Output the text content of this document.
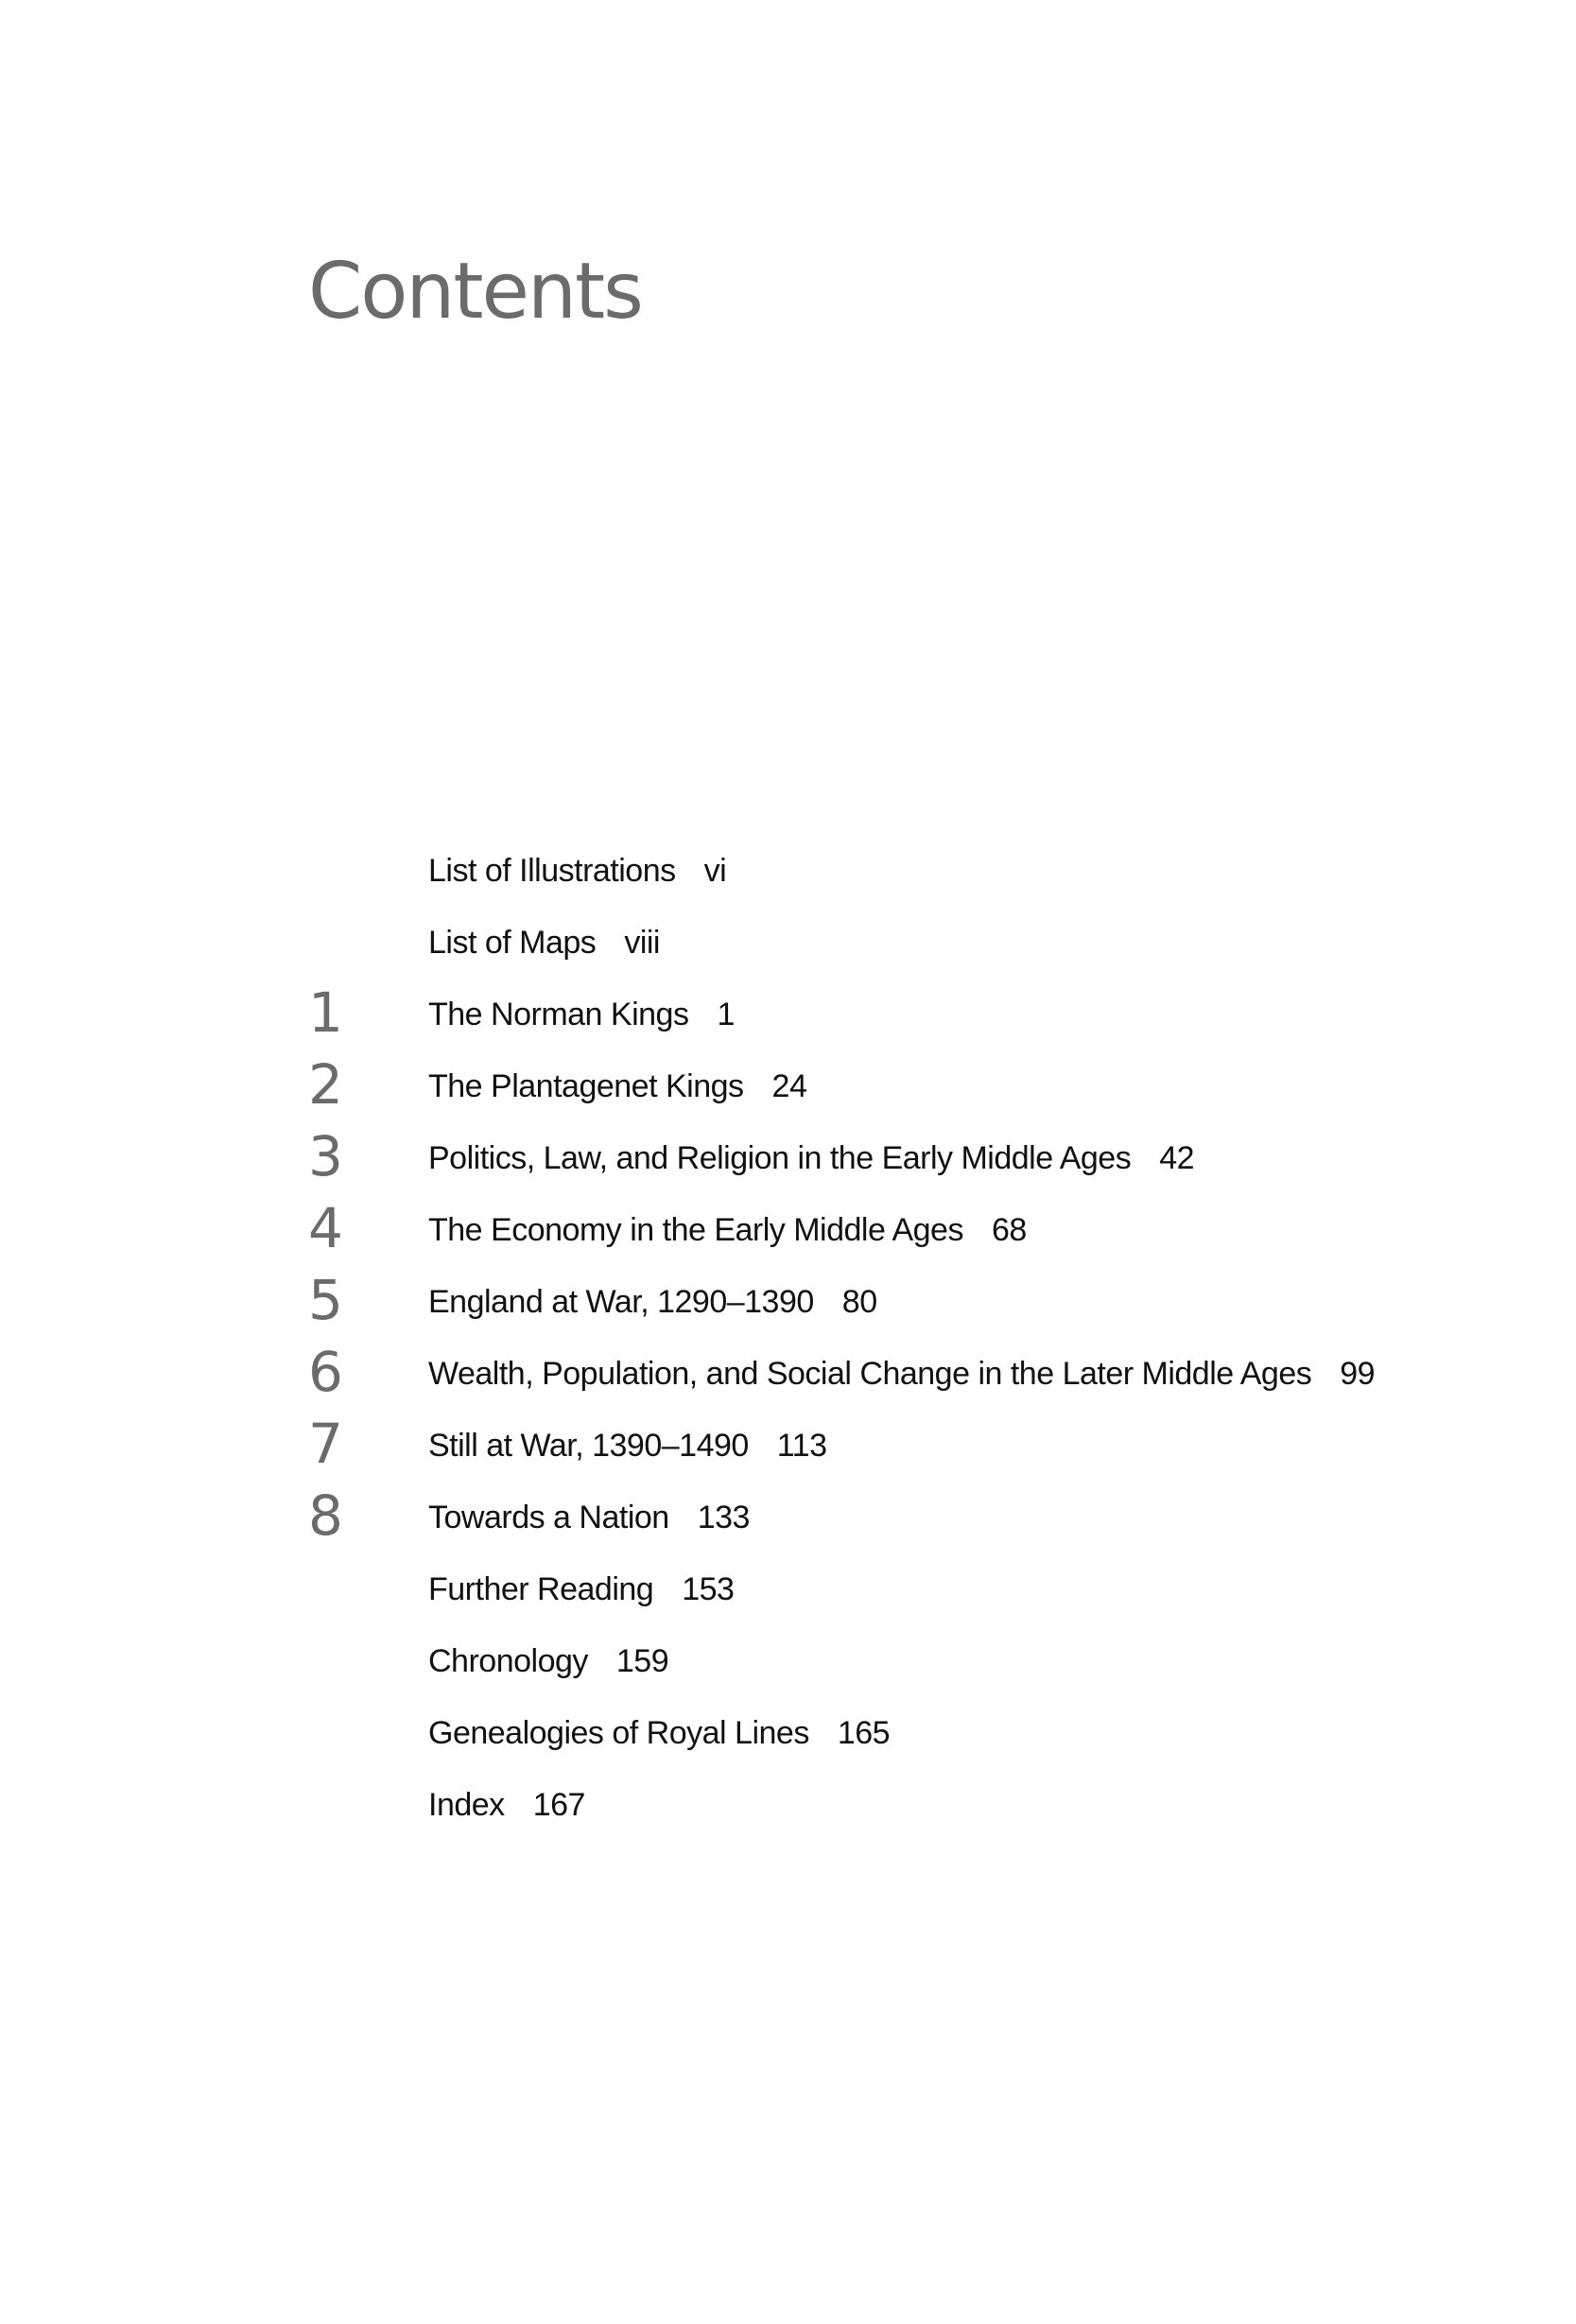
Contents
List of Illustrations vi
List of Maps viii
1	The Norman Kings 1
2	The Plantagenet Kings 24
3	Politics, Law, and Religion in the Early Middle Ages 42
4	The Economy in the Early Middle Ages 68
5	England at War, 1290–1390 80
6	Wealth, Population, and Social Change in the Later Middle Ages 99
7	Still at War, 1390–1490 113
8	Towards a Nation 133
Further Reading 153
Chronology 159
Genealogies of Royal Lines 165
Index 167
